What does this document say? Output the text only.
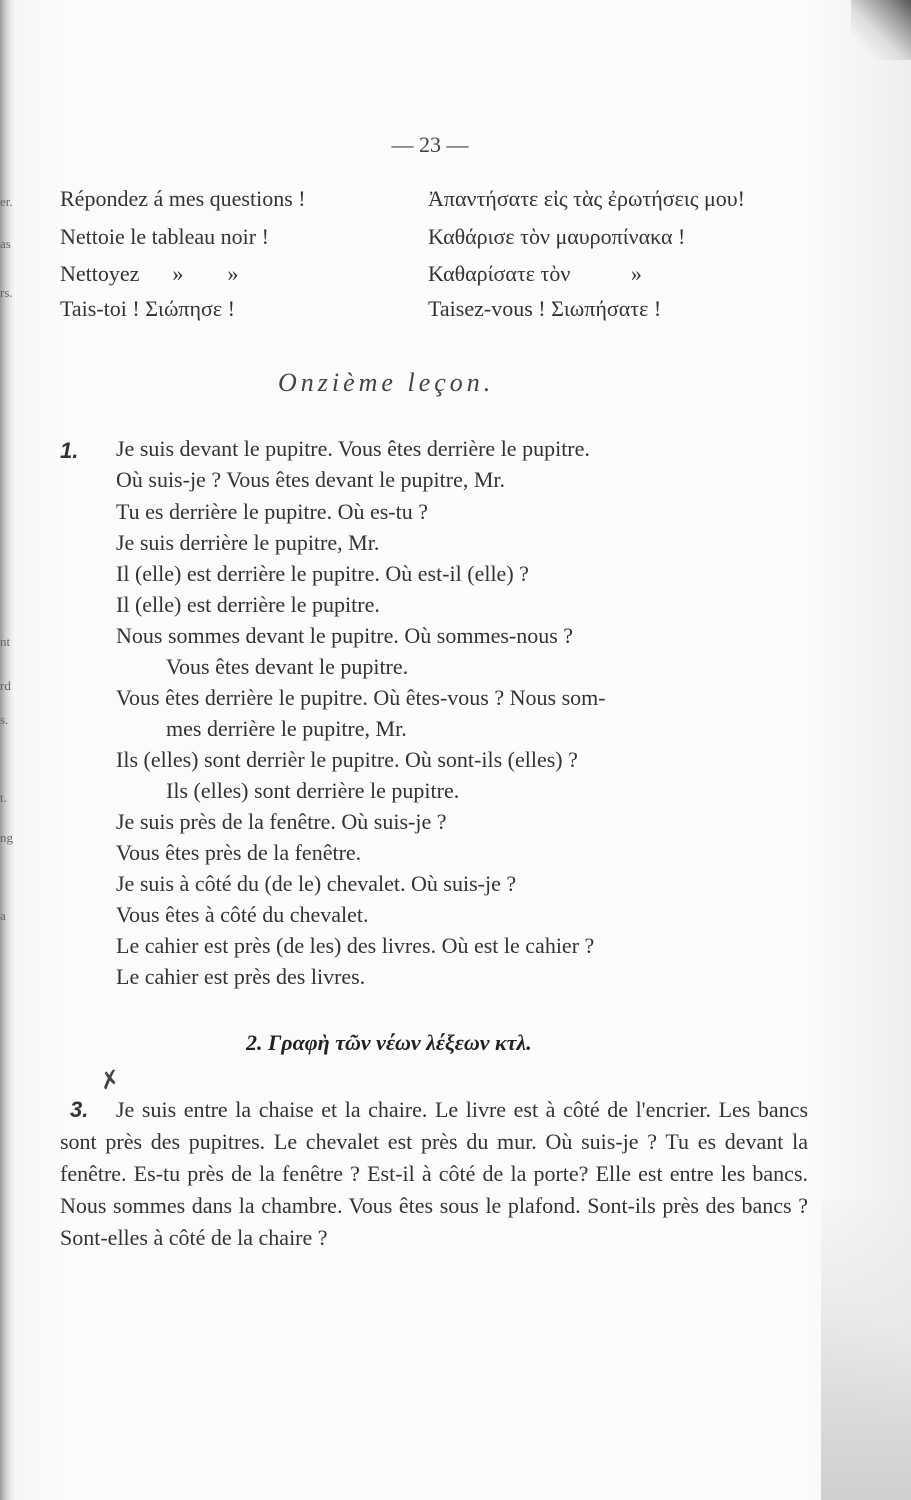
er.
as
rs.
nt
rd
s.
t.
ng
a
— 23 —
Répondez á mes questions !	Ἀπαντήσατε εἰς τὰς ἐρωτήσεις μου!
Nettoie le tableau noir !	Καθάρισε τὸν μαυροπίνακα !
Nettoyez      »        »	Καθαρίσατε τὸν           »
Tais-toi ! Σιώπησε !	Taisez-vous ! Σιωπήσατε !
Onzième leçon.
1. Je suis devant le pupitre. Vous êtes derrière le pupitre.
Où suis-je ? Vous êtes devant le pupitre, Mr.
Tu es derrière le pupitre. Où es-tu ?
Je suis derrière le pupitre, Mr.
Il (elle) est derrière le pupitre. Où est-il (elle) ?
Il (elle) est derrière le pupitre.
Nous sommes devant le pupitre. Où sommes-nous ?
Vous êtes devant le pupitre.
Vous êtes derrière le pupitre. Où êtes-vous ? Nous som-
mes derrière le pupitre, Mr.
Ils (elles) sont derrièr le pupitre. Où sont-ils (elles) ?
Ils (elles) sont derrière le pupitre.
Je suis près de la fenêtre. Où suis-je ?
Vous êtes près de la fenêtre.
Je suis à côté du (de le) chevalet. Où suis-je ?
Vous êtes à côté du chevalet.
Le cahier est près (de les) des livres. Où est le cahier ?
Le cahier est près des livres.
2. Γραφὴ τῶν νέων λέξεων κτλ.
✗
3.	Je suis entre la chaise et la chaire. Le livre est à côté de l'encrier. Les bancs sont près des pupitres. Le chevalet est près du mur. Où suis-je ? Tu es devant la fenêtre. Es-tu près de la fenêtre ? Est-il à côté de la porte? Elle est entre les bancs. Nous sommes dans la chambre. Vous êtes sous le plafond. Sont-ils près des bancs ? Sont-elles à côté de la chaire ?
